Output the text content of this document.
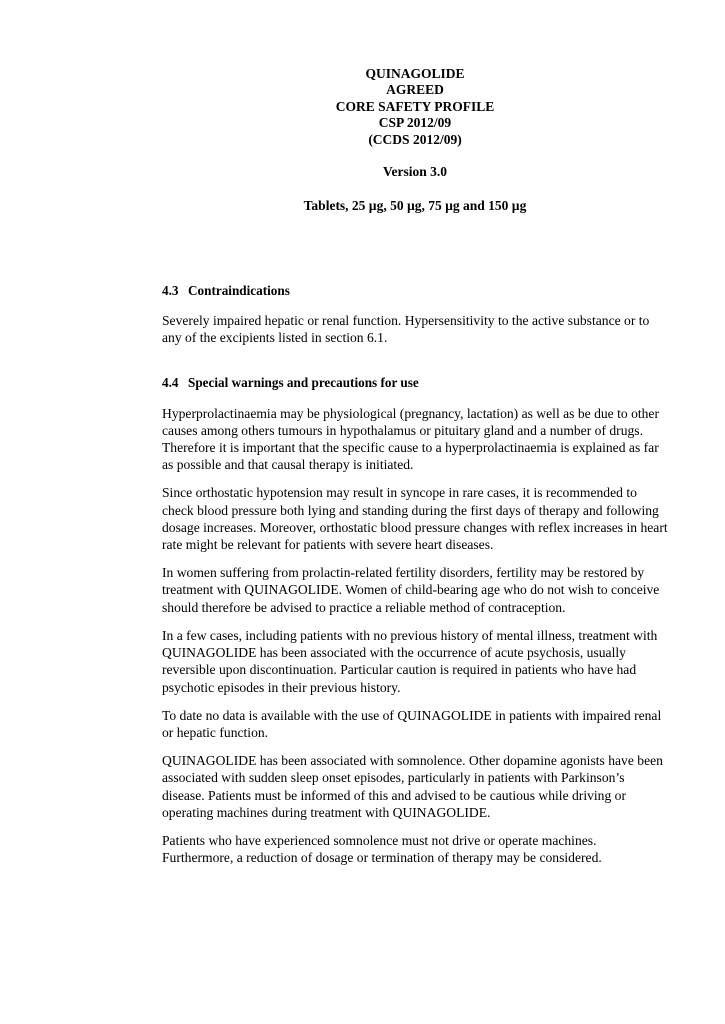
QUINAGOLIDE
AGREED
CORE SAFETY PROFILE
CSP 2012/09
(CCDS 2012/09)
Version 3.0
Tablets, 25 µg, 50 µg, 75 µg and 150 µg
4.3 Contraindications

Severely impaired hepatic or renal function. Hypersensitivity to the active substance or to any of the excipients listed in section 6.1.

4.4 Special warnings and precautions for use

Hyperprolactinaemia may be physiological (pregnancy, lactation) as well as be due to other causes among others tumours in hypothalamus or pituitary gland and a number of drugs. Therefore it is important that the specific cause to a hyperprolactinaemia is explained as far as possible and that causal therapy is initiated.

Since orthostatic hypotension may result in syncope in rare cases, it is recommended to check blood pressure both lying and standing during the first days of therapy and following dosage increases. Moreover, orthostatic blood pressure changes with reflex increases in heart rate might be relevant for patients with severe heart diseases.

In women suffering from prolactin-related fertility disorders, fertility may be restored by treatment with QUINAGOLIDE. Women of child-bearing age who do not wish to conceive should therefore be advised to practice a reliable method of contraception.

In a few cases, including patients with no previous history of mental illness, treatment with QUINAGOLIDE has been associated with the occurrence of acute psychosis, usually reversible upon discontinuation. Particular caution is required in patients who have had psychotic episodes in their previous history.

To date no data is available with the use of QUINAGOLIDE in patients with impaired renal or hepatic function.

QUINAGOLIDE has been associated with somnolence. Other dopamine agonists have been associated with sudden sleep onset episodes, particularly in patients with Parkinson’s disease. Patients must be informed of this and advised to be cautious while driving or operating machines during treatment with QUINAGOLIDE.

Patients who have experienced somnolence must not drive or operate machines. Furthermore, a reduction of dosage or termination of therapy may be considered.
